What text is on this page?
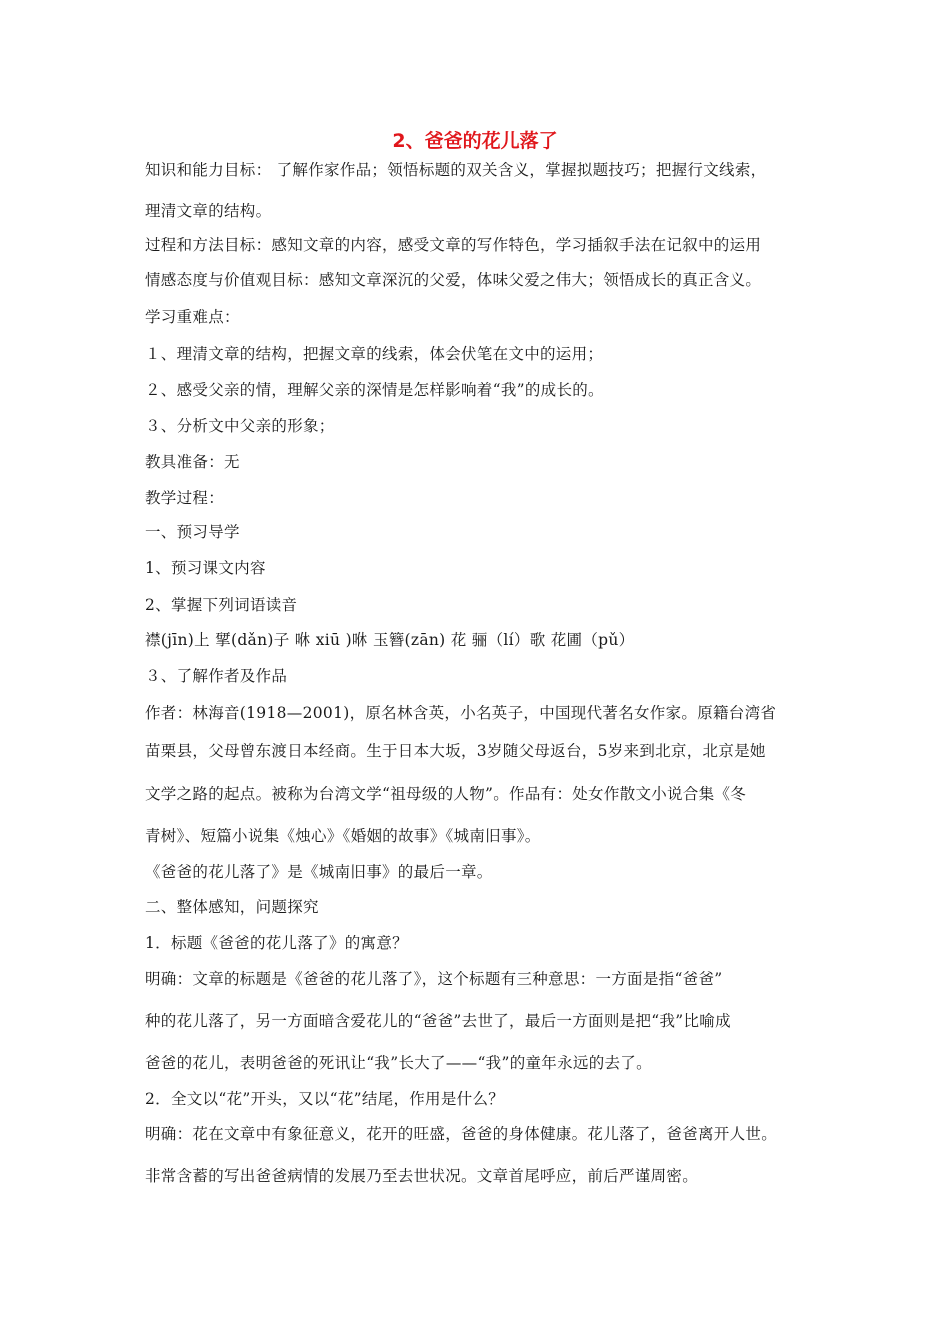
2、爸爸的花儿落了
知识和能力目标： 了解作家作品；领悟标题的双关含义，掌握拟题技巧；把握行文线索，
理清文章的结构。
过程和方法目标：感知文章的内容，感受文章的写作特色，学习插叙手法在记叙中的运用
情感态度与价值观目标：感知文章深沉的父爱，体味父爱之伟大；领悟成长的真正含义。
学习重难点：
１、理清文章的结构，把握文章的线索，体会伏笔在文中的运用；
２、感受父亲的情，理解父亲的深情是怎样影响着“我”的成长的。
３、分析文中父亲的形象；
教具准备：无
教学过程：
一、预习导学
1、预习课文内容
2、掌握下列词语读音
襟(jīn)上 揅(dǎn)子 咻 xiū )咻 玉簪(zān) 花 骊（lí）歌 花圃（pǔ）
３、了解作者及作品
作者：林海音(1918—2001)，原名林含英，小名英子，中国现代著名女作家。原籍台湾省
苗栗县，父母曾东渡日本经商。生于日本大坂，3岁随父母返台，5岁来到北京，北京是她
文学之路的起点。被称为台湾文学“祖母级的人物”。作品有：处女作散文小说合集《冬
青树》、短篇小说集《烛心》《婚姻的故事》《城南旧事》。
《爸爸的花儿落了》是《城南旧事》的最后一章。
二、整体感知，问题探究
1．标题《爸爸的花儿落了》的寓意？
明确：文章的标题是《爸爸的花儿落了》，这个标题有三种意思：一方面是指“爸爸”
种的花儿落了，另一方面暗含爱花儿的“爸爸”去世了，最后一方面则是把“我”比喻成
爸爸的花儿，表明爸爸的死讯让“我”长大了——“我”的童年永远的去了。
2．全文以“花”开头，又以“花”结尾，作用是什么？
明确：花在文章中有象征意义，花开的旺盛，爸爸的身体健康。花儿落了，爸爸离开人世。
非常含蓄的写出爸爸病情的发展乃至去世状况。文章首尾呼应，前后严谨周密。
